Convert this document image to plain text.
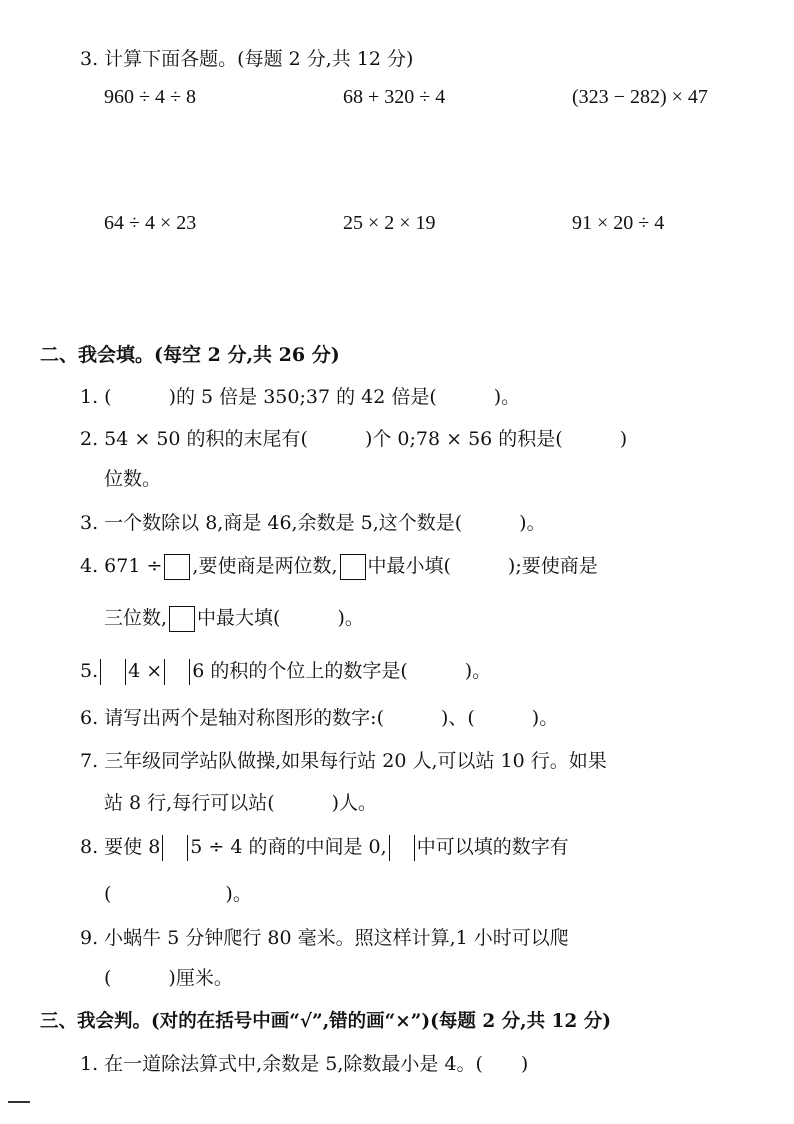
3. 计算下面各题。(每题 2 分,共 12 分)
960 ÷ 4 ÷ 8	68 + 320 ÷ 4	(323 − 282) × 47
64 ÷ 4 × 23	25 × 2 × 19	91 × 20 ÷ 4
二、我会填。(每空 2 分,共 26 分)
1. (　　　)的 5 倍是 350;37 的 42 倍是(　　　)。
2. 54 × 50 的积的末尾有(　　　)个 0;78 × 56 的积是(　　　)
位数。
3. 一个数除以 8,商是 46,余数是 5,这个数是(　　　)。
4. 671 ÷ ,要使商是两位数, 中最小填(　　　);要使商是
三位数, 中最大填(　　　)。
5. 4 × 6 的积的个位上的数字是(　　　)。
6. 请写出两个是轴对称图形的数字:(　　　)、(　　　)。
7. 三年级同学站队做操,如果每行站 20 人,可以站 10 行。如果
站 8 行,每行可以站(　　　)人。
8. 要使 8 5 ÷ 4 的商的中间是 0, 中可以填的数字有
(　　　　　　)。
9. 小蜗牛 5 分钟爬行 80 毫米。照这样计算,1 小时可以爬
(　　　)厘米。
三、我会判。(对的在括号中画“√”,错的画“×”)(每题 2 分,共 12 分)
1. 在一道除法算式中,余数是 5,除数最小是 4。(　　)
